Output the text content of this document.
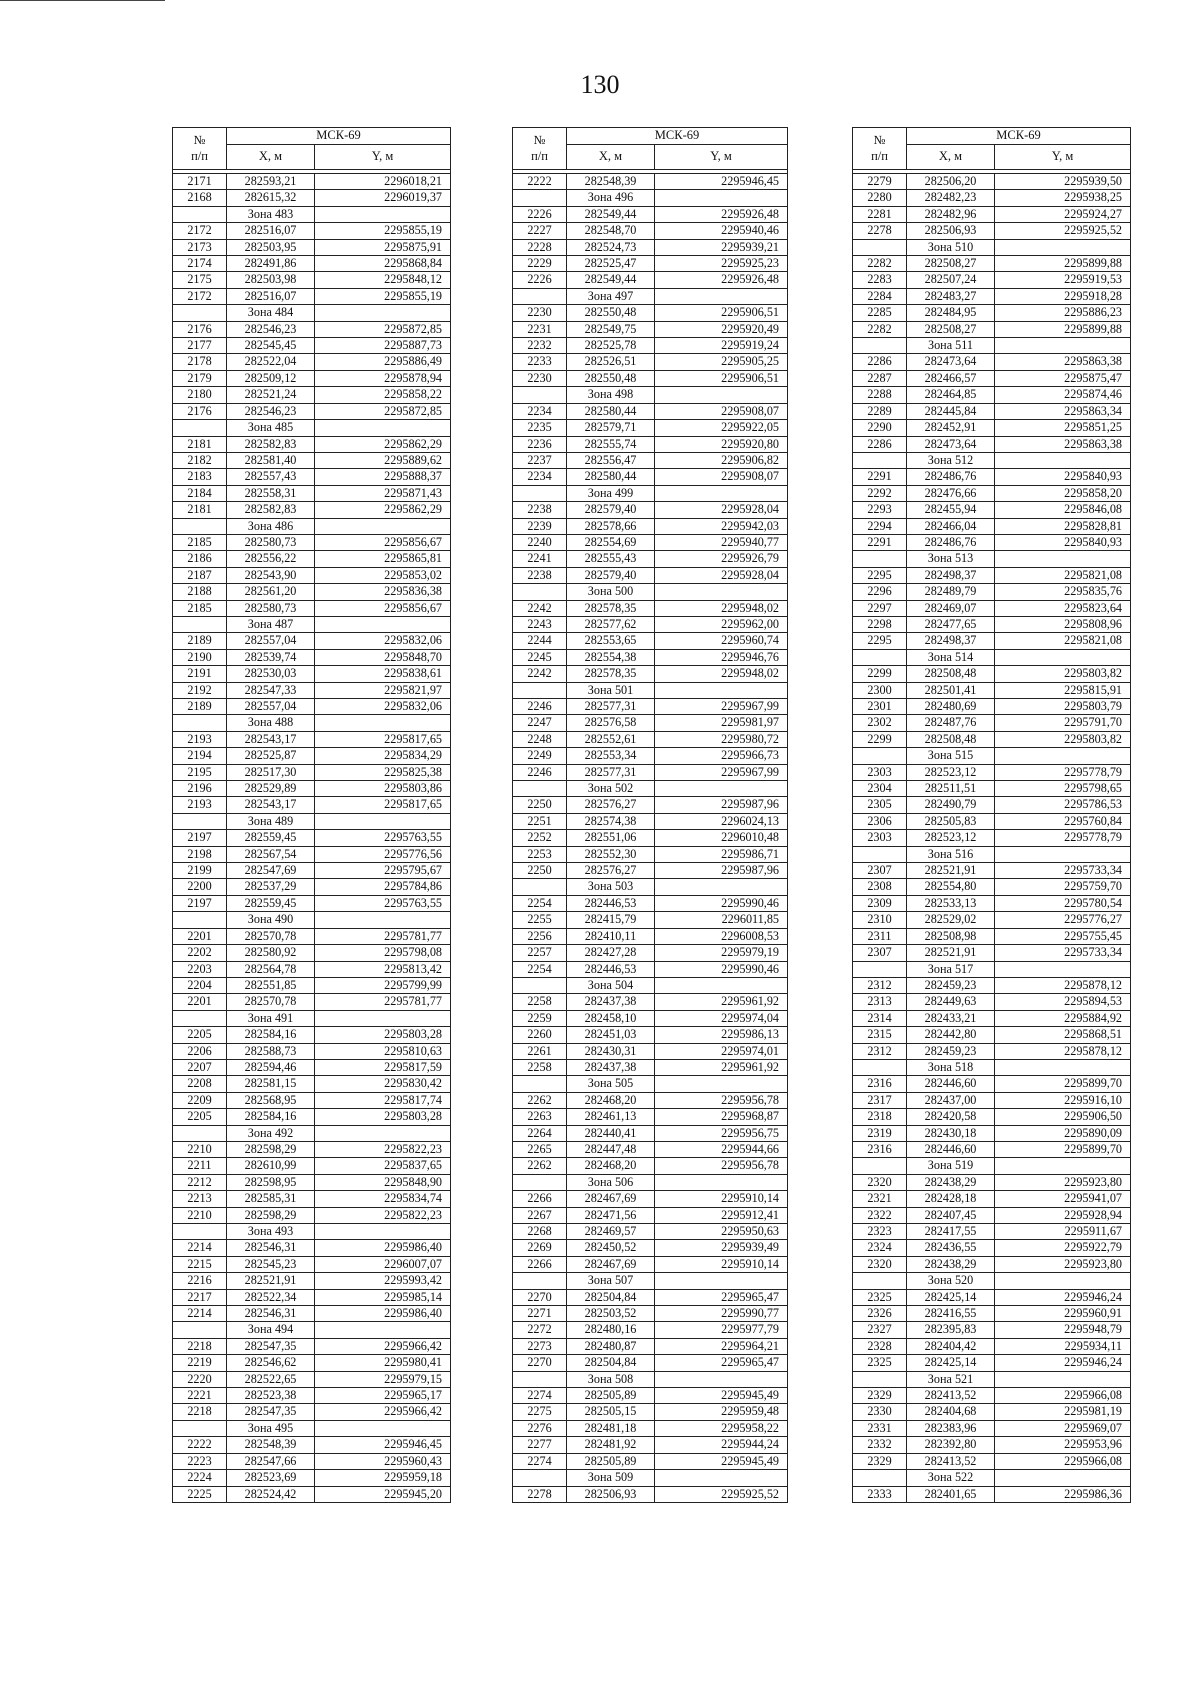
130
№
п/п	МСК-69	
	Х, м	Y, м

2171	282593,21	2296018,21
2168	282615,32	2296019,37
	Зона 483	
2172	282516,07	2295855,19
2173	282503,95	2295875,91
2174	282491,86	2295868,84
2175	282503,98	2295848,12
2172	282516,07	2295855,19
	Зона 484	
2176	282546,23	2295872,85
2177	282545,45	2295887,73
2178	282522,04	2295886,49
2179	282509,12	2295878,94
2180	282521,24	2295858,22
2176	282546,23	2295872,85
	Зона 485	
2181	282582,83	2295862,29
2182	282581,40	2295889,62
2183	282557,43	2295888,37
2184	282558,31	2295871,43
2181	282582,83	2295862,29
	Зона 486	
2185	282580,73	2295856,67
2186	282556,22	2295865,81
2187	282543,90	2295853,02
2188	282561,20	2295836,38
2185	282580,73	2295856,67
	Зона 487	
2189	282557,04	2295832,06
2190	282539,74	2295848,70
2191	282530,03	2295838,61
2192	282547,33	2295821,97
2189	282557,04	2295832,06
	Зона 488	
2193	282543,17	2295817,65
2194	282525,87	2295834,29
2195	282517,30	2295825,38
2196	282529,89	2295803,86
2193	282543,17	2295817,65
	Зона 489	
2197	282559,45	2295763,55
2198	282567,54	2295776,56
2199	282547,69	2295795,67
2200	282537,29	2295784,86
2197	282559,45	2295763,55
	Зона 490	
2201	282570,78	2295781,77
2202	282580,92	2295798,08
2203	282564,78	2295813,42
2204	282551,85	2295799,99
2201	282570,78	2295781,77
	Зона 491	
2205	282584,16	2295803,28
2206	282588,73	2295810,63
2207	282594,46	2295817,59
2208	282581,15	2295830,42
2209	282568,95	2295817,74
2205	282584,16	2295803,28
	Зона 492	
2210	282598,29	2295822,23
2211	282610,99	2295837,65
2212	282598,95	2295848,90
2213	282585,31	2295834,74
2210	282598,29	2295822,23
	Зона 493	
2214	282546,31	2295986,40
2215	282545,23	2296007,07
2216	282521,91	2295993,42
2217	282522,34	2295985,14
2214	282546,31	2295986,40
	Зона 494	
2218	282547,35	2295966,42
2219	282546,62	2295980,41
2220	282522,65	2295979,15
2221	282523,38	2295965,17
2218	282547,35	2295966,42
	Зона 495	
2222	282548,39	2295946,45
2223	282547,66	2295960,43
2224	282523,69	2295959,18
2225	282524,42	2295945,20
№
п/п	МСК-69	
	Х, м	Y, м

2222	282548,39	2295946,45
	Зона 496	
2226	282549,44	2295926,48
2227	282548,70	2295940,46
2228	282524,73	2295939,21
2229	282525,47	2295925,23
2226	282549,44	2295926,48
	Зона 497	
2230	282550,48	2295906,51
2231	282549,75	2295920,49
2232	282525,78	2295919,24
2233	282526,51	2295905,25
2230	282550,48	2295906,51
	Зона 498	
2234	282580,44	2295908,07
2235	282579,71	2295922,05
2236	282555,74	2295920,80
2237	282556,47	2295906,82
2234	282580,44	2295908,07
	Зона 499	
2238	282579,40	2295928,04
2239	282578,66	2295942,03
2240	282554,69	2295940,77
2241	282555,43	2295926,79
2238	282579,40	2295928,04
	Зона 500	
2242	282578,35	2295948,02
2243	282577,62	2295962,00
2244	282553,65	2295960,74
2245	282554,38	2295946,76
2242	282578,35	2295948,02
	Зона 501	
2246	282577,31	2295967,99
2247	282576,58	2295981,97
2248	282552,61	2295980,72
2249	282553,34	2295966,73
2246	282577,31	2295967,99
	Зона 502	
2250	282576,27	2295987,96
2251	282574,38	2296024,13
2252	282551,06	2296010,48
2253	282552,30	2295986,71
2250	282576,27	2295987,96
	Зона 503	
2254	282446,53	2295990,46
2255	282415,79	2296011,85
2256	282410,11	2296008,53
2257	282427,28	2295979,19
2254	282446,53	2295990,46
	Зона 504	
2258	282437,38	2295961,92
2259	282458,10	2295974,04
2260	282451,03	2295986,13
2261	282430,31	2295974,01
2258	282437,38	2295961,92
	Зона 505	
2262	282468,20	2295956,78
2263	282461,13	2295968,87
2264	282440,41	2295956,75
2265	282447,48	2295944,66
2262	282468,20	2295956,78
	Зона 506	
2266	282467,69	2295910,14
2267	282471,56	2295912,41
2268	282469,57	2295950,63
2269	282450,52	2295939,49
2266	282467,69	2295910,14
	Зона 507	
2270	282504,84	2295965,47
2271	282503,52	2295990,77
2272	282480,16	2295977,79
2273	282480,87	2295964,21
2270	282504,84	2295965,47
	Зона 508	
2274	282505,89	2295945,49
2275	282505,15	2295959,48
2276	282481,18	2295958,22
2277	282481,92	2295944,24
2274	282505,89	2295945,49
	Зона 509	
2278	282506,93	2295925,52
№
п/п	МСК-69	
	Х, м	Y, м

2279	282506,20	2295939,50
2280	282482,23	2295938,25
2281	282482,96	2295924,27
2278	282506,93	2295925,52
	Зона 510	
2282	282508,27	2295899,88
2283	282507,24	2295919,53
2284	282483,27	2295918,28
2285	282484,95	2295886,23
2282	282508,27	2295899,88
	Зона 511	
2286	282473,64	2295863,38
2287	282466,57	2295875,47
2288	282464,85	2295874,46
2289	282445,84	2295863,34
2290	282452,91	2295851,25
2286	282473,64	2295863,38
	Зона 512	
2291	282486,76	2295840,93
2292	282476,66	2295858,20
2293	282455,94	2295846,08
2294	282466,04	2295828,81
2291	282486,76	2295840,93
	Зона 513	
2295	282498,37	2295821,08
2296	282489,79	2295835,76
2297	282469,07	2295823,64
2298	282477,65	2295808,96
2295	282498,37	2295821,08
	Зона 514	
2299	282508,48	2295803,82
2300	282501,41	2295815,91
2301	282480,69	2295803,79
2302	282487,76	2295791,70
2299	282508,48	2295803,82
	Зона 515	
2303	282523,12	2295778,79
2304	282511,51	2295798,65
2305	282490,79	2295786,53
2306	282505,83	2295760,84
2303	282523,12	2295778,79
	Зона 516	
2307	282521,91	2295733,34
2308	282554,80	2295759,70
2309	282533,13	2295780,54
2310	282529,02	2295776,27
2311	282508,98	2295755,45
2307	282521,91	2295733,34
	Зона 517	
2312	282459,23	2295878,12
2313	282449,63	2295894,53
2314	282433,21	2295884,92
2315	282442,80	2295868,51
2312	282459,23	2295878,12
	Зона 518	
2316	282446,60	2295899,70
2317	282437,00	2295916,10
2318	282420,58	2295906,50
2319	282430,18	2295890,09
2316	282446,60	2295899,70
	Зона 519	
2320	282438,29	2295923,80
2321	282428,18	2295941,07
2322	282407,45	2295928,94
2323	282417,55	2295911,67
2324	282436,55	2295922,79
2320	282438,29	2295923,80
	Зона 520	
2325	282425,14	2295946,24
2326	282416,55	2295960,91
2327	282395,83	2295948,79
2328	282404,42	2295934,11
2325	282425,14	2295946,24
	Зона 521	
2329	282413,52	2295966,08
2330	282404,68	2295981,19
2331	282383,96	2295969,07
2332	282392,80	2295953,96
2329	282413,52	2295966,08
	Зона 522	
2333	282401,65	2295986,36
